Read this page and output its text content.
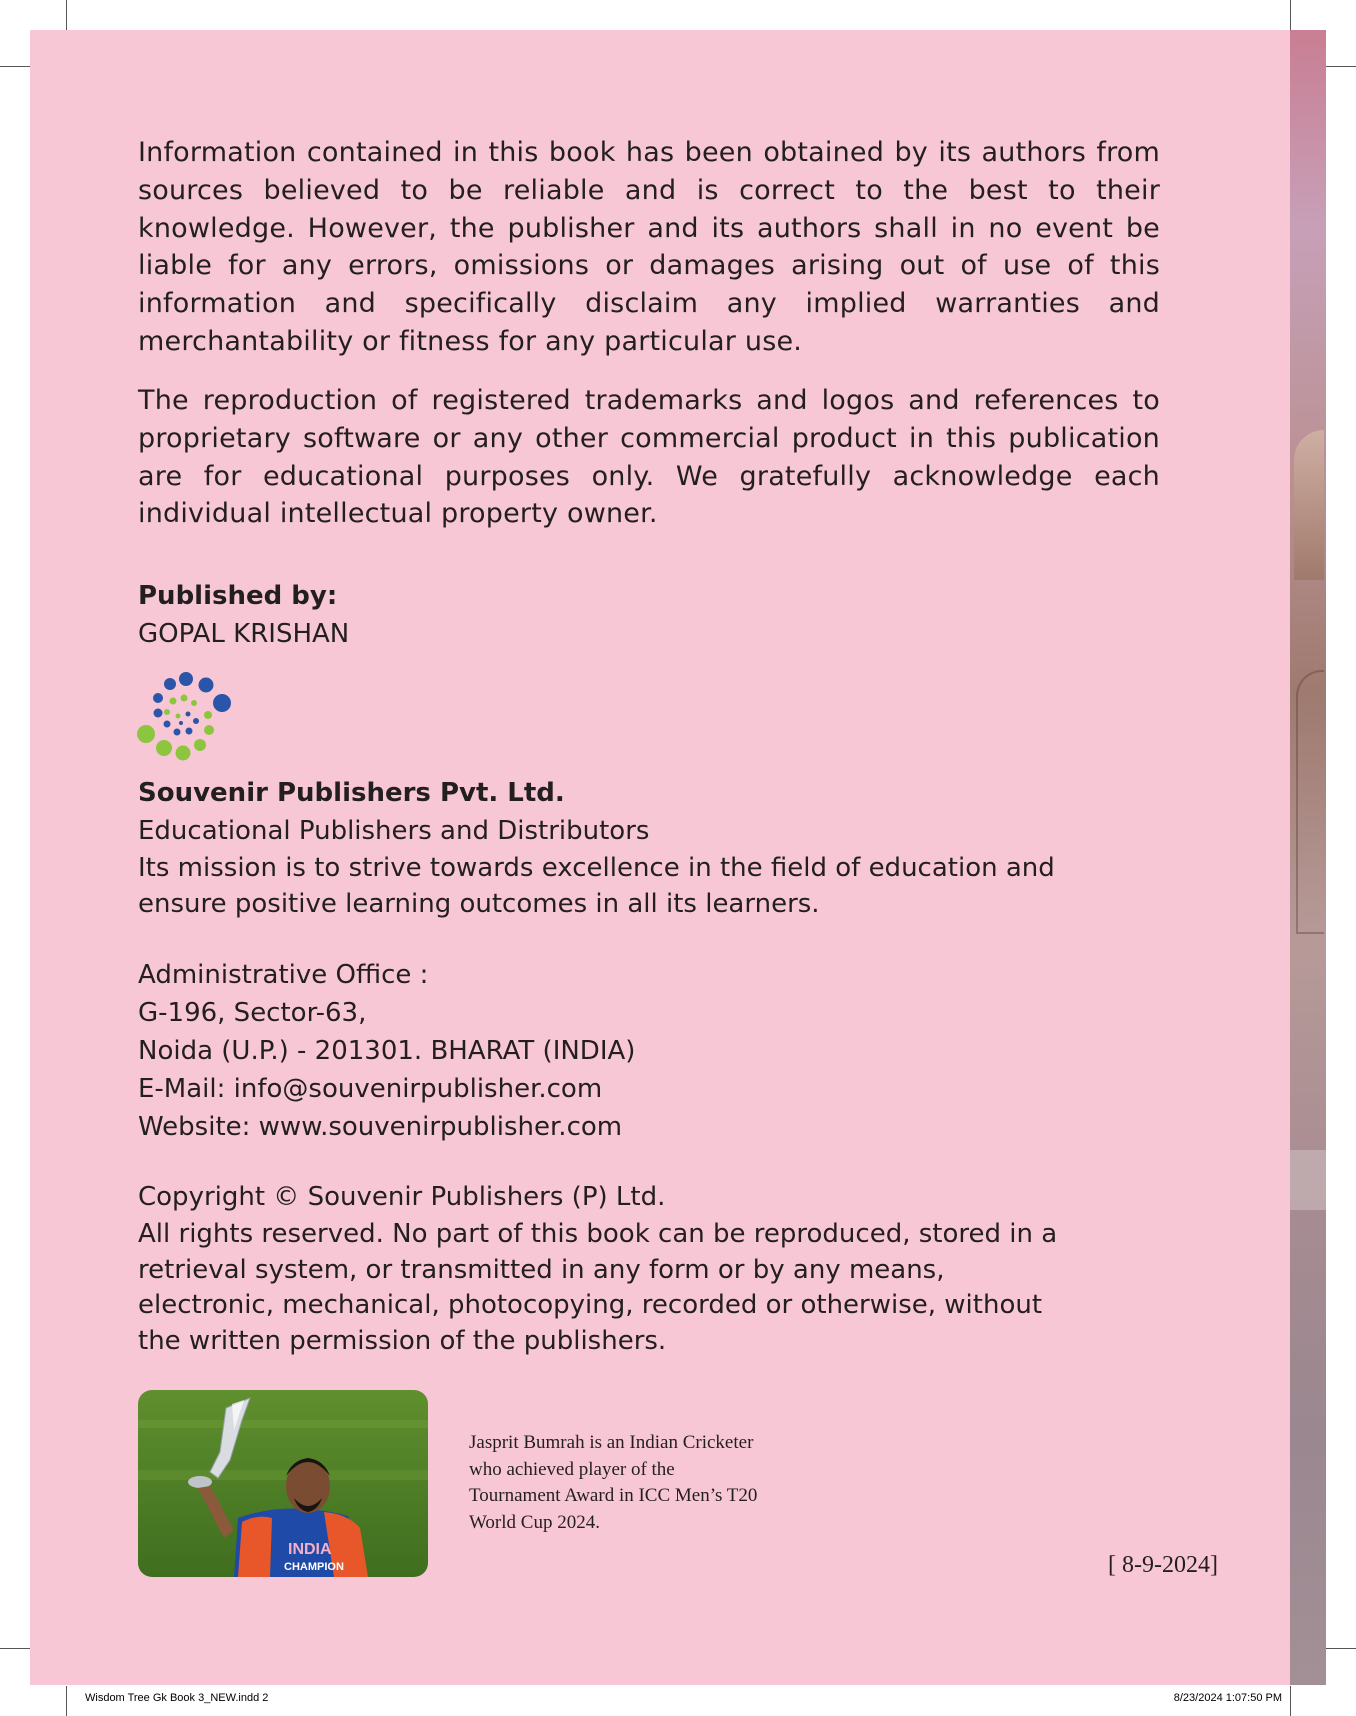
Information contained in this book has been obtained by its authors from sources believed to be reliable and is correct to the best to their knowledge. However, the publisher and its authors shall in no event be liable for any errors, omissions or damages arising out of use of this information and specifically disclaim any implied warranties and merchantability or fitness for any particular use.

The reproduction of registered trademarks and logos and references to proprietary software or any other commercial product in this publication are for educational purposes only. We gratefully acknowledge each individual intellectual property owner.

Published by:

GOPAL KRISHAN

Souvenir Publishers Pvt. Ltd.

Educational Publishers and Distributors

Its mission is to strive towards excellence in the field of education and ensure positive learning outcomes in all its learners.

Administrative Office :

G-196, Sector-63,

Noida (U.P.) - 201301. BHARAT (INDIA)

E-Mail: info@souvenirpublisher.com

Website: www.souvenirpublisher.com

Copyright © Souvenir Publishers (P) Ltd.

All rights reserved. No part of this book can be reproduced, stored in a retrieval system, or transmitted in any form or by any means, electronic, mechanical, photocopying, recorded or otherwise, without the written permission of the publishers.

INDIA
CHAMPION

Jasprit Bumrah is an Indian Cricketer who achieved player of the Tournament Award in ICC Men’s T20 World Cup 2024.

[ 8-9-2024]

Wisdom Tree Gk Book 3_NEW.indd 2	8/23/2024 1:07:50 PM
